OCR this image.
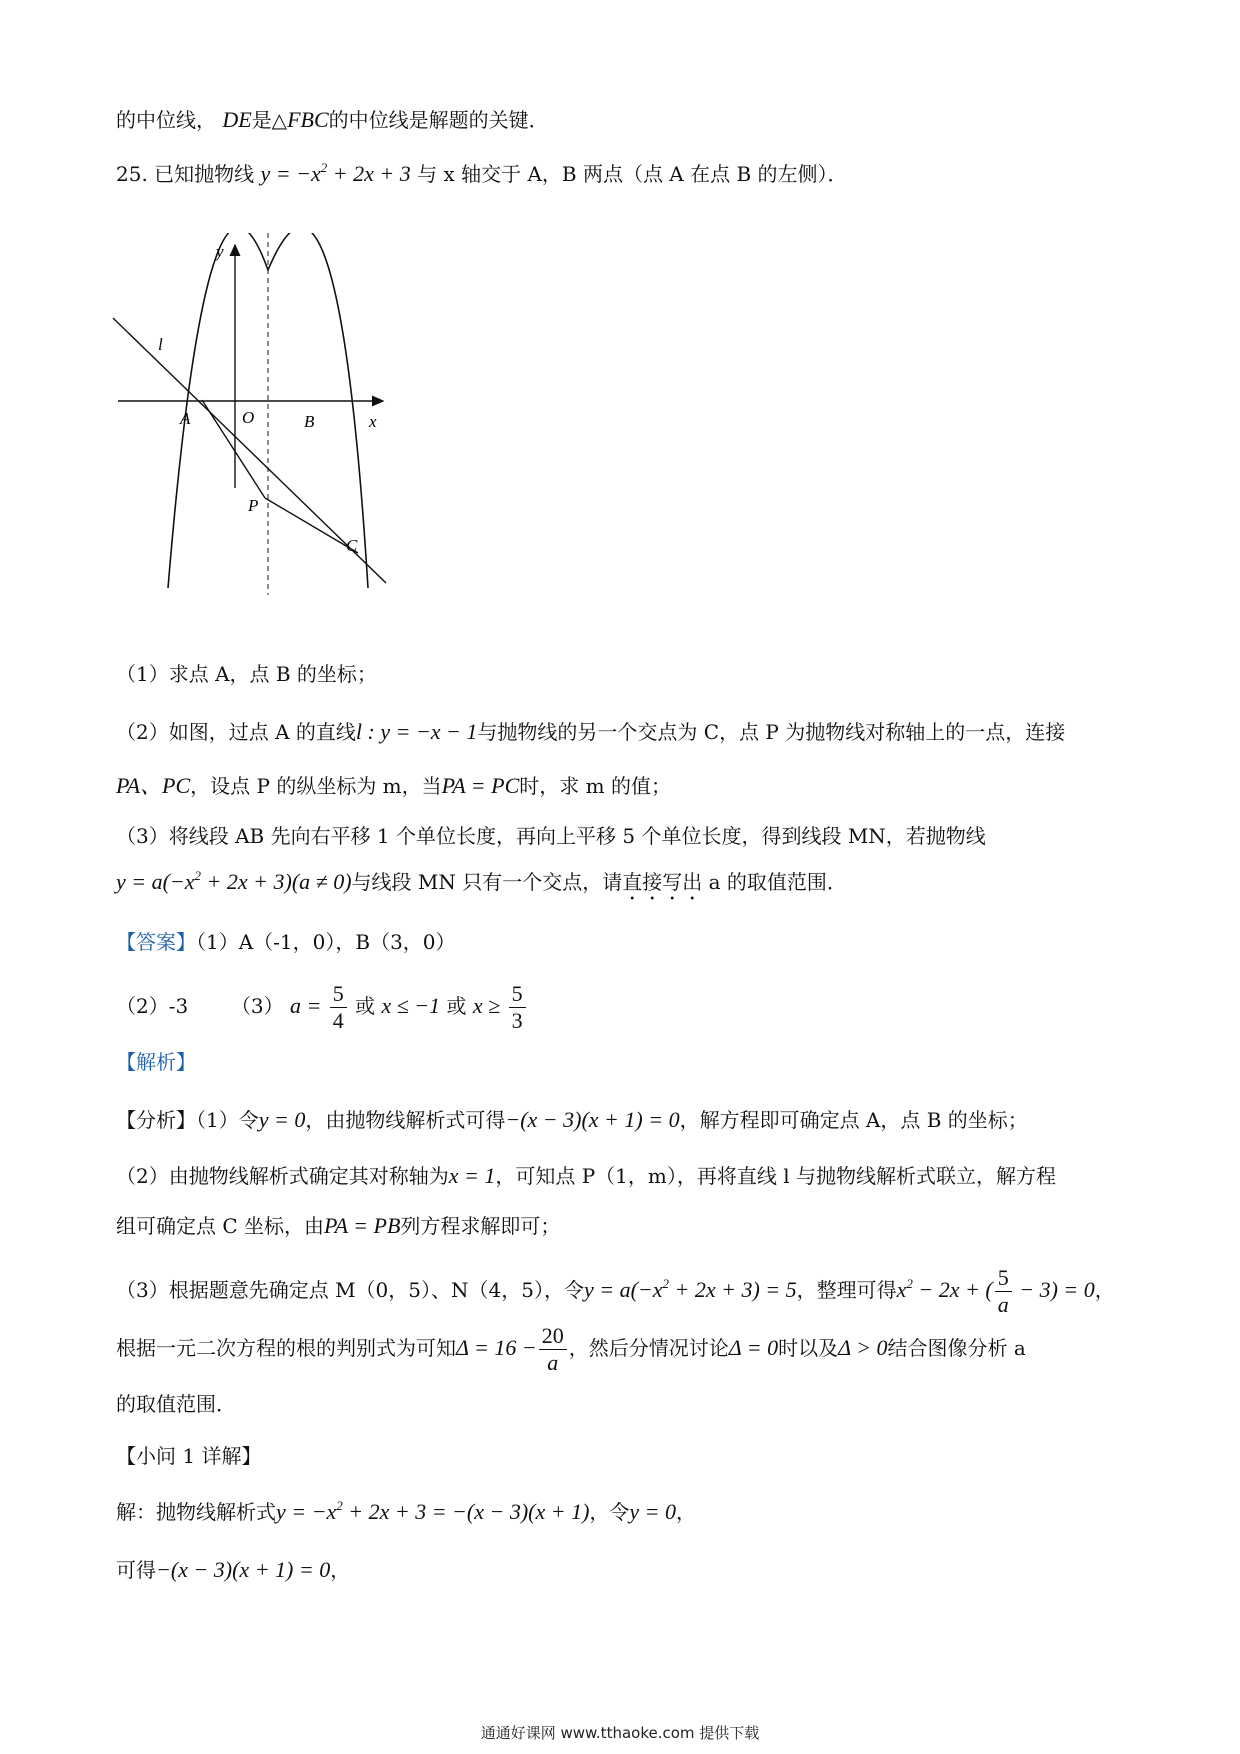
的中位线， DE是△FBC的中位线是解题的关键．
25. 已知抛物线 $y = -x^2 + 2x + 3$ 与 x 轴交于 A，B 两点（点 A 在点 B 的左侧）．
y
x
O
l
A	B
P
C
（1）求点 A，点 B 的坐标；
（2）如图，过点 A 的直线l : y = −x − 1与抛物线的另一个交点为 C，点 P 为抛物线对称轴上的一点，连接
PA、PC，设点 P 的纵坐标为 m，当PA = PC时，求 m 的值；
（3）将线段 AB 先向右平移 1 个单位长度，再向上平移 5 个单位长度，得到线段 MN，若抛物线
$y = a(-x^2 + 2x + 3)(a \ne 0)$与线段 MN 只有一个交点，请直接写出 a 的取值范围．
【答案】（1）A（-1，0），B（3，0）
（2）-3 （3） $a = \frac{5}{4}$ 或 x ≤ −1 或 $x \ge \frac{5}{3}$
【解析】
【分析】（1）令y = 0，由抛物线解析式可得−(x − 3)(x + 1) = 0，解方程即可确定点 A，点 B 的坐标；
（2）由抛物线解析式确定其对称轴为x = 1，可知点 P（1，m），再将直线 l 与抛物线解析式联立，解方程
组可确定点 C 坐标，由PA = PB列方程求解即可；
（3）根据题意先确定点 M（0，5）、N（4，5），令$y = a(-x^2 + 2x + 3) = 5$，整理可得$x^2 - 2x$ + ( $\frac{5}{a} - 3) = 0$，
根据一元二次方程的根的判别式为可知$\Delta = 16 - \frac{20}{a}$ ，然后分情况讨论Δ = 0时以及Δ > 0结合图像分析 a
的取值范围．
【小问 1 详解】
解：抛物线解析式$y = -x^2 + 2x + 3 = -(x - 3)(x + 1)$，令y = 0，
可得−(x − 3)(x + 1) = 0，
通通好课网 www.tthaoke.com 提供下载
